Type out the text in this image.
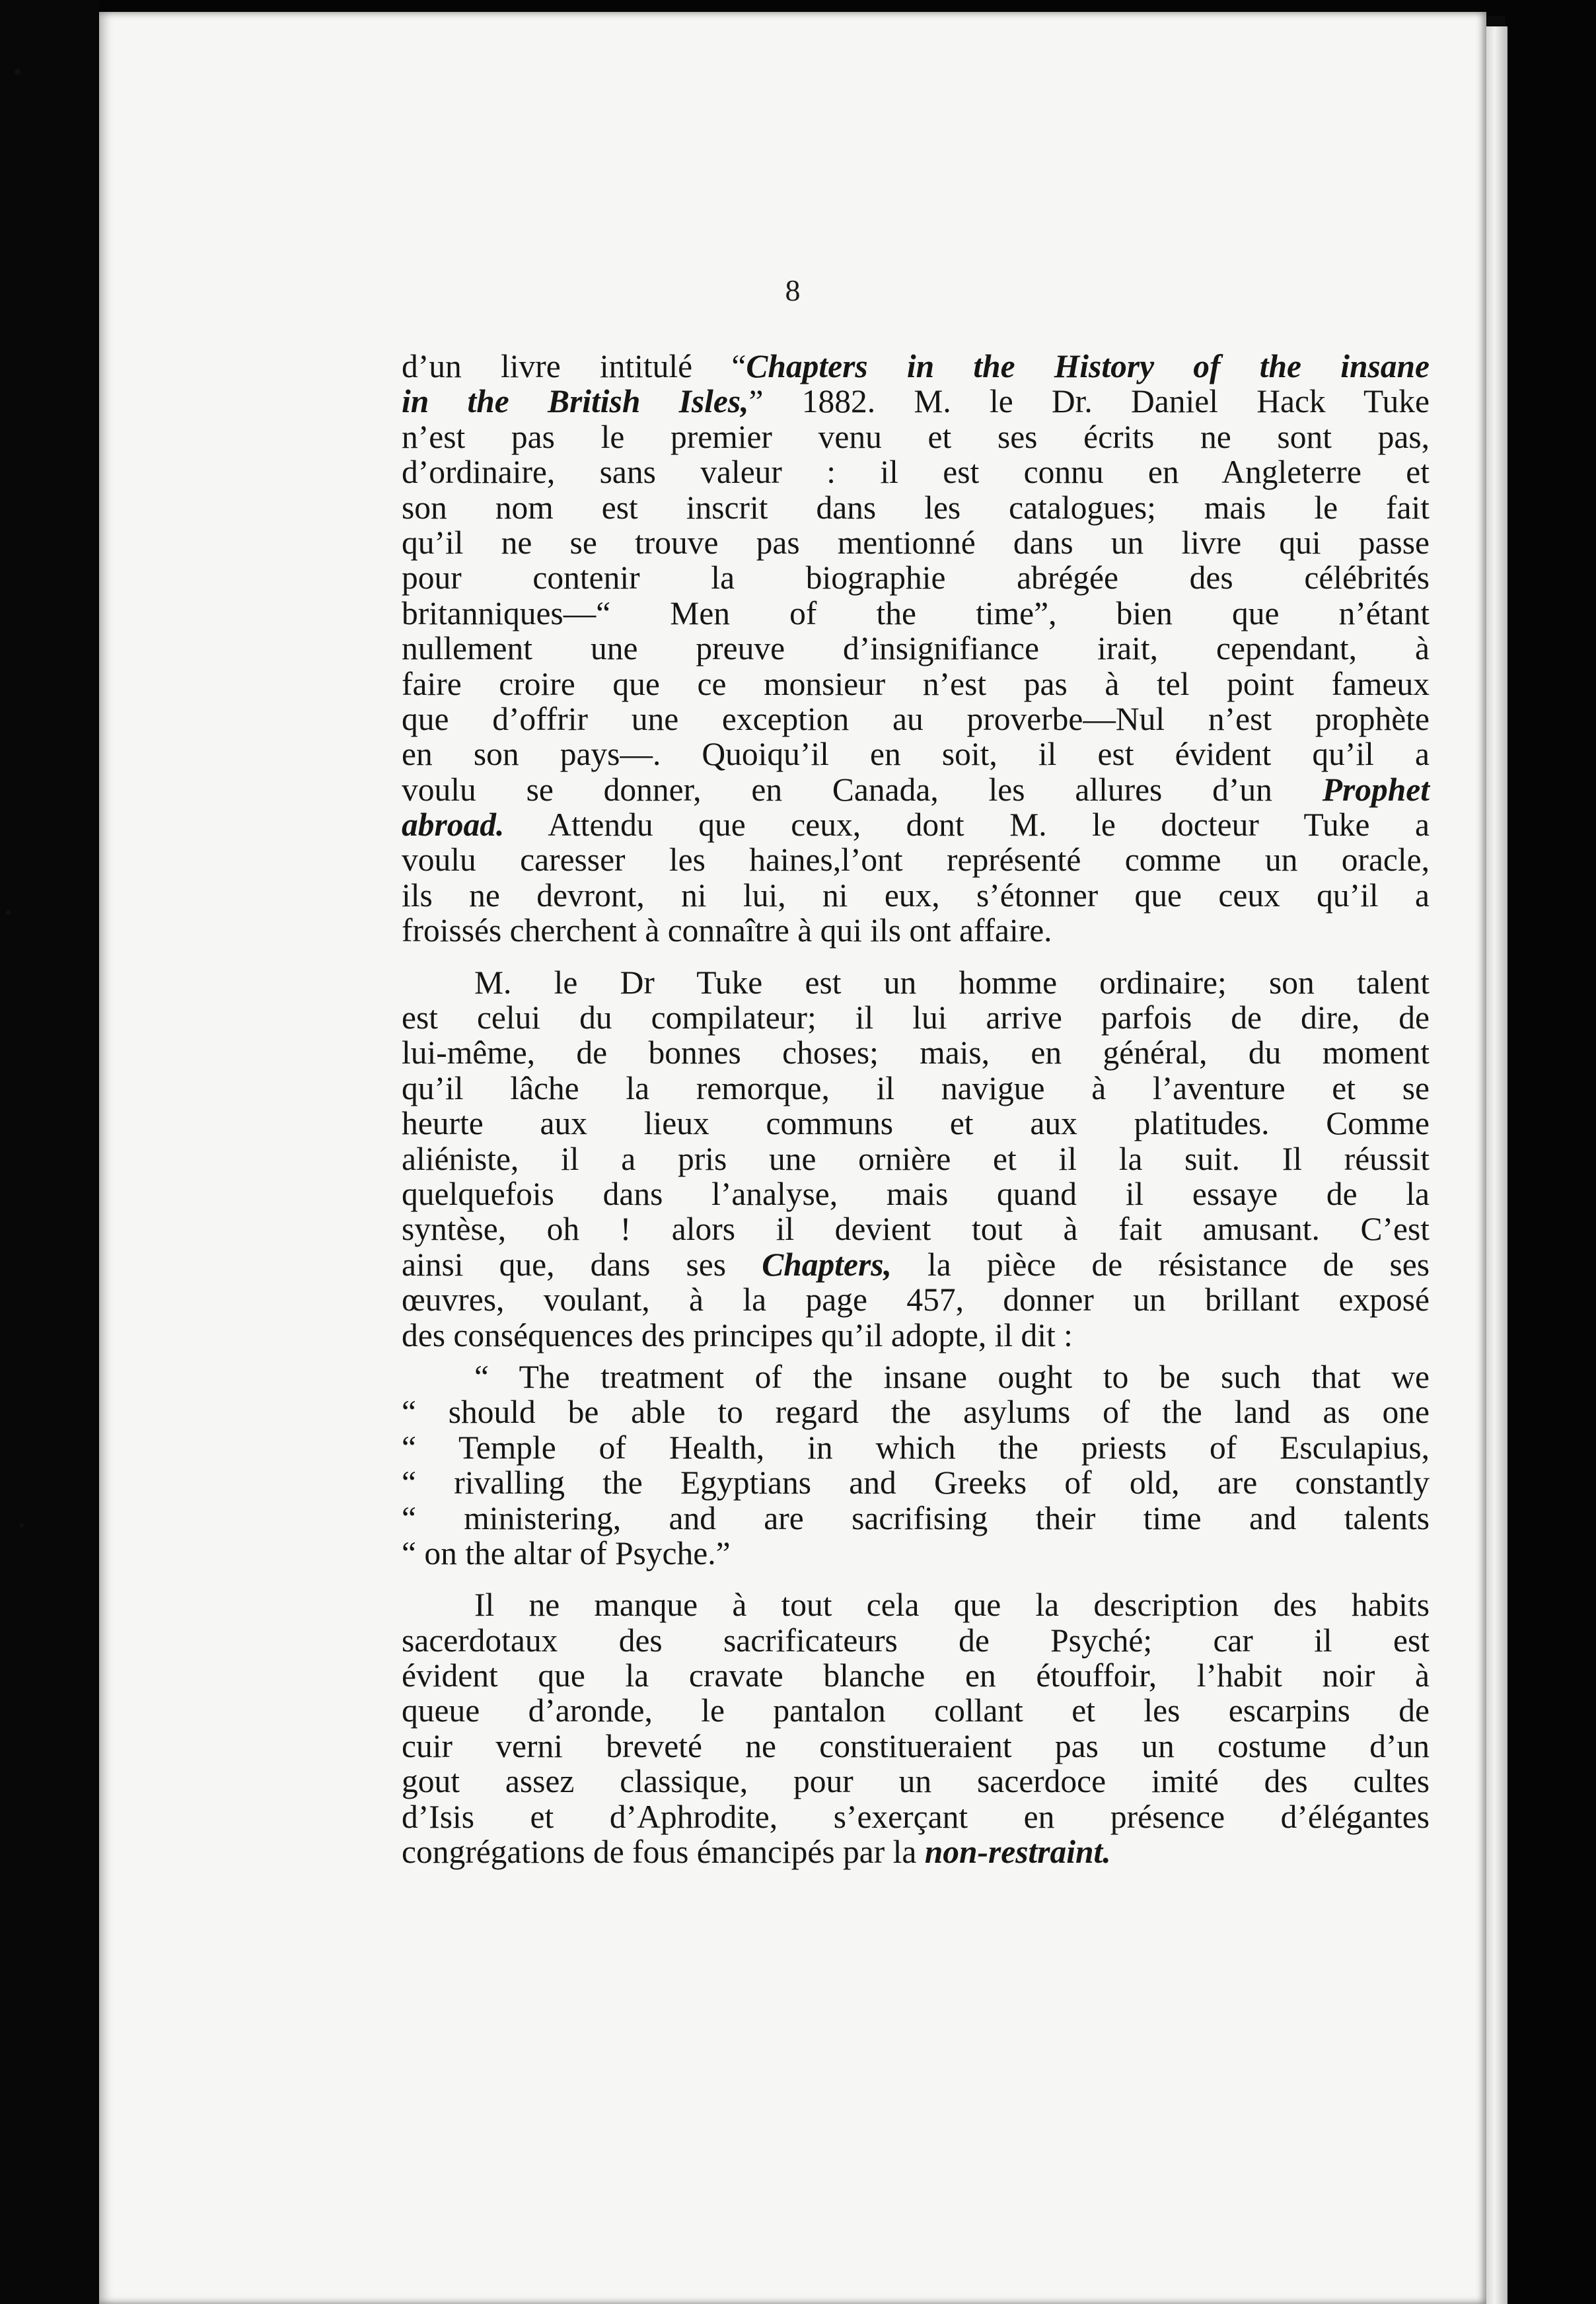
8
d’un livre intitulé “Chapters in the History of the insane
in the British Isles,” 1882. M. le Dr. Daniel Hack Tuke
n’est pas le premier venu et ses écrits ne sont pas,
d’ordinaire, sans valeur : il est connu en Angleterre et
son nom est inscrit dans les catalogues; mais le fait
qu’il ne se trouve pas mentionné dans un livre qui passe
pour contenir la biographie abrégée des célébrités
britanniques—“ Men of the time”, bien que n’étant
nullement une preuve d’insignifiance irait, cependant, à
faire croire que ce monsieur n’est pas à tel point fameux
que d’offrir une exception au proverbe—Nul n’est prophète
en son pays—. Quoiqu’il en soit, il est évident qu’il a
voulu se donner, en Canada, les allures d’un Prophet
abroad. Attendu que ceux, dont M. le docteur Tuke a
voulu caresser les haines,l’ont représenté comme un oracle,
ils ne devront, ni lui, ni eux, s’étonner que ceux qu’il a
froissés cherchent à connaître à qui ils ont affaire.
M. le Dr Tuke est un homme ordinaire; son talent
est celui du compilateur; il lui arrive parfois de dire, de
lui-même, de bonnes choses; mais, en général, du moment
qu’il lâche la remorque, il navigue à l’aventure et se
heurte aux lieux communs et aux platitudes. Comme
aliéniste, il a pris une ornière et il la suit. Il réussit
quelquefois dans l’analyse, mais quand il essaye de la
syntèse, oh ! alors il devient tout à fait amusant. C’est
ainsi que, dans ses Chapters, la pièce de résistance de ses
œuvres, voulant, à la page 457, donner un brillant exposé
des conséquences des principes qu’il adopte, il dit :
“ The treatment of the insane ought to be such that we
“ should be able to regard the asylums of the land as one
“ Temple of Health, in which the priests of Esculapius,
“ rivalling the Egyptians and Greeks of old, are constantly
“ ministering, and are sacrifising their time and talents
“ on the altar of Psyche.”
Il ne manque à tout cela que la description des habits
sacerdotaux des sacrificateurs de Psyché; car il est
évident que la cravate blanche en étouffoir, l’habit noir à
queue d’aronde, le pantalon collant et les escarpins de
cuir verni breveté ne constitueraient pas un costume d’un
gout assez classique, pour un sacerdoce imité des cultes
d’Isis et d’Aphrodite, s’exerçant en présence d’élégantes
congrégations de fous émancipés par la non-restraint.
